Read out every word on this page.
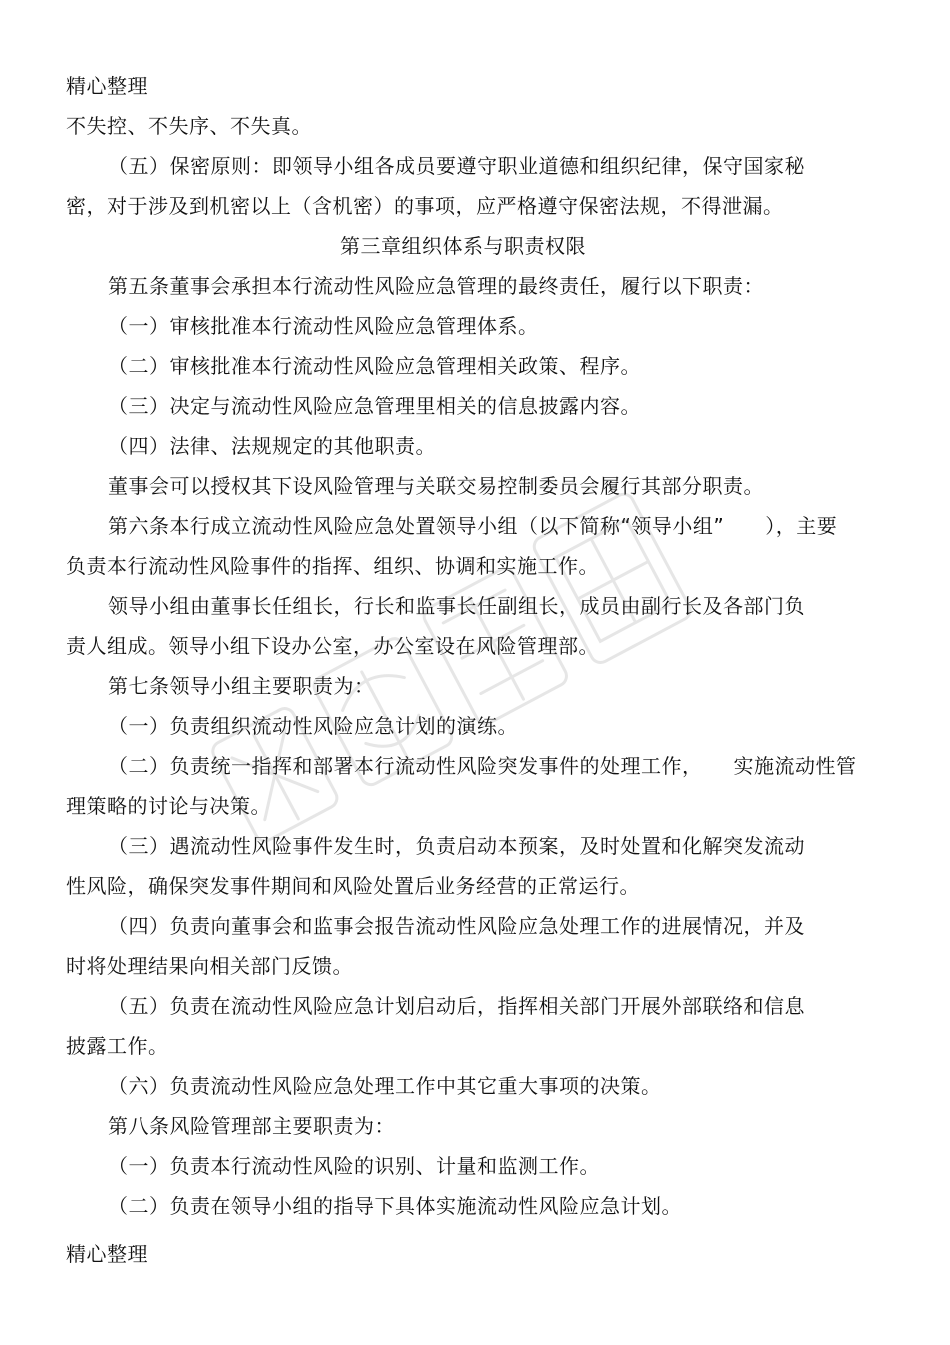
精心整理
不失控、不失序、不失真。
（五）保密原则：即领导小组各成员要遵守职业道德和组织纪律，保守国家秘
密，对于涉及到机密以上（含机密）的事项，应严格遵守保密法规，不得泄漏。
第三章组织体系与职责权限
第五条董事会承担本行流动性风险应急管理的最终责任，履行以下职责：
（一）审核批准本行流动性风险应急管理体系。
（二）审核批准本行流动性风险应急管理相关政策、程序。
（三）决定与流动性风险应急管理里相关的信息披露内容。
（四）法律、法规规定的其他职责。
董事会可以授权其下设风险管理与关联交易控制委员会履行其部分职责。
第六条本行成立流动性风险应急处置领导小组（以下简称“领导小组”　　），主要
负责本行流动性风险事件的指挥、组织、协调和实施工作。
领导小组由董事长任组长，行长和监事长任副组长，成员由副行长及各部门负
责人组成。领导小组下设办公室，办公室设在风险管理部。
第七条领导小组主要职责为：
（一）负责组织流动性风险应急计划的演练。
（二）负责统一指挥和部署本行流动性风险突发事件的处理工作，　　实施流动性管
理策略的讨论与决策。
（三）遇流动性风险事件发生时，负责启动本预案，及时处置和化解突发流动
性风险，确保突发事件期间和风险处置后业务经营的正常运行。
（四）负责向董事会和监事会报告流动性风险应急处理工作的进展情况，并及
时将处理结果向相关部门反馈。
（五）负责在流动性风险应急计划启动后，指挥相关部门开展外部联络和信息
披露工作。
（六）负责流动性风险应急处理工作中其它重大事项的决策。
第八条风险管理部主要职责为：
（一）负责本行流动性风险的识别、计量和监测工作。
（二）负责在领导小组的指导下具体实施流动性风险应急计划。
精心整理
